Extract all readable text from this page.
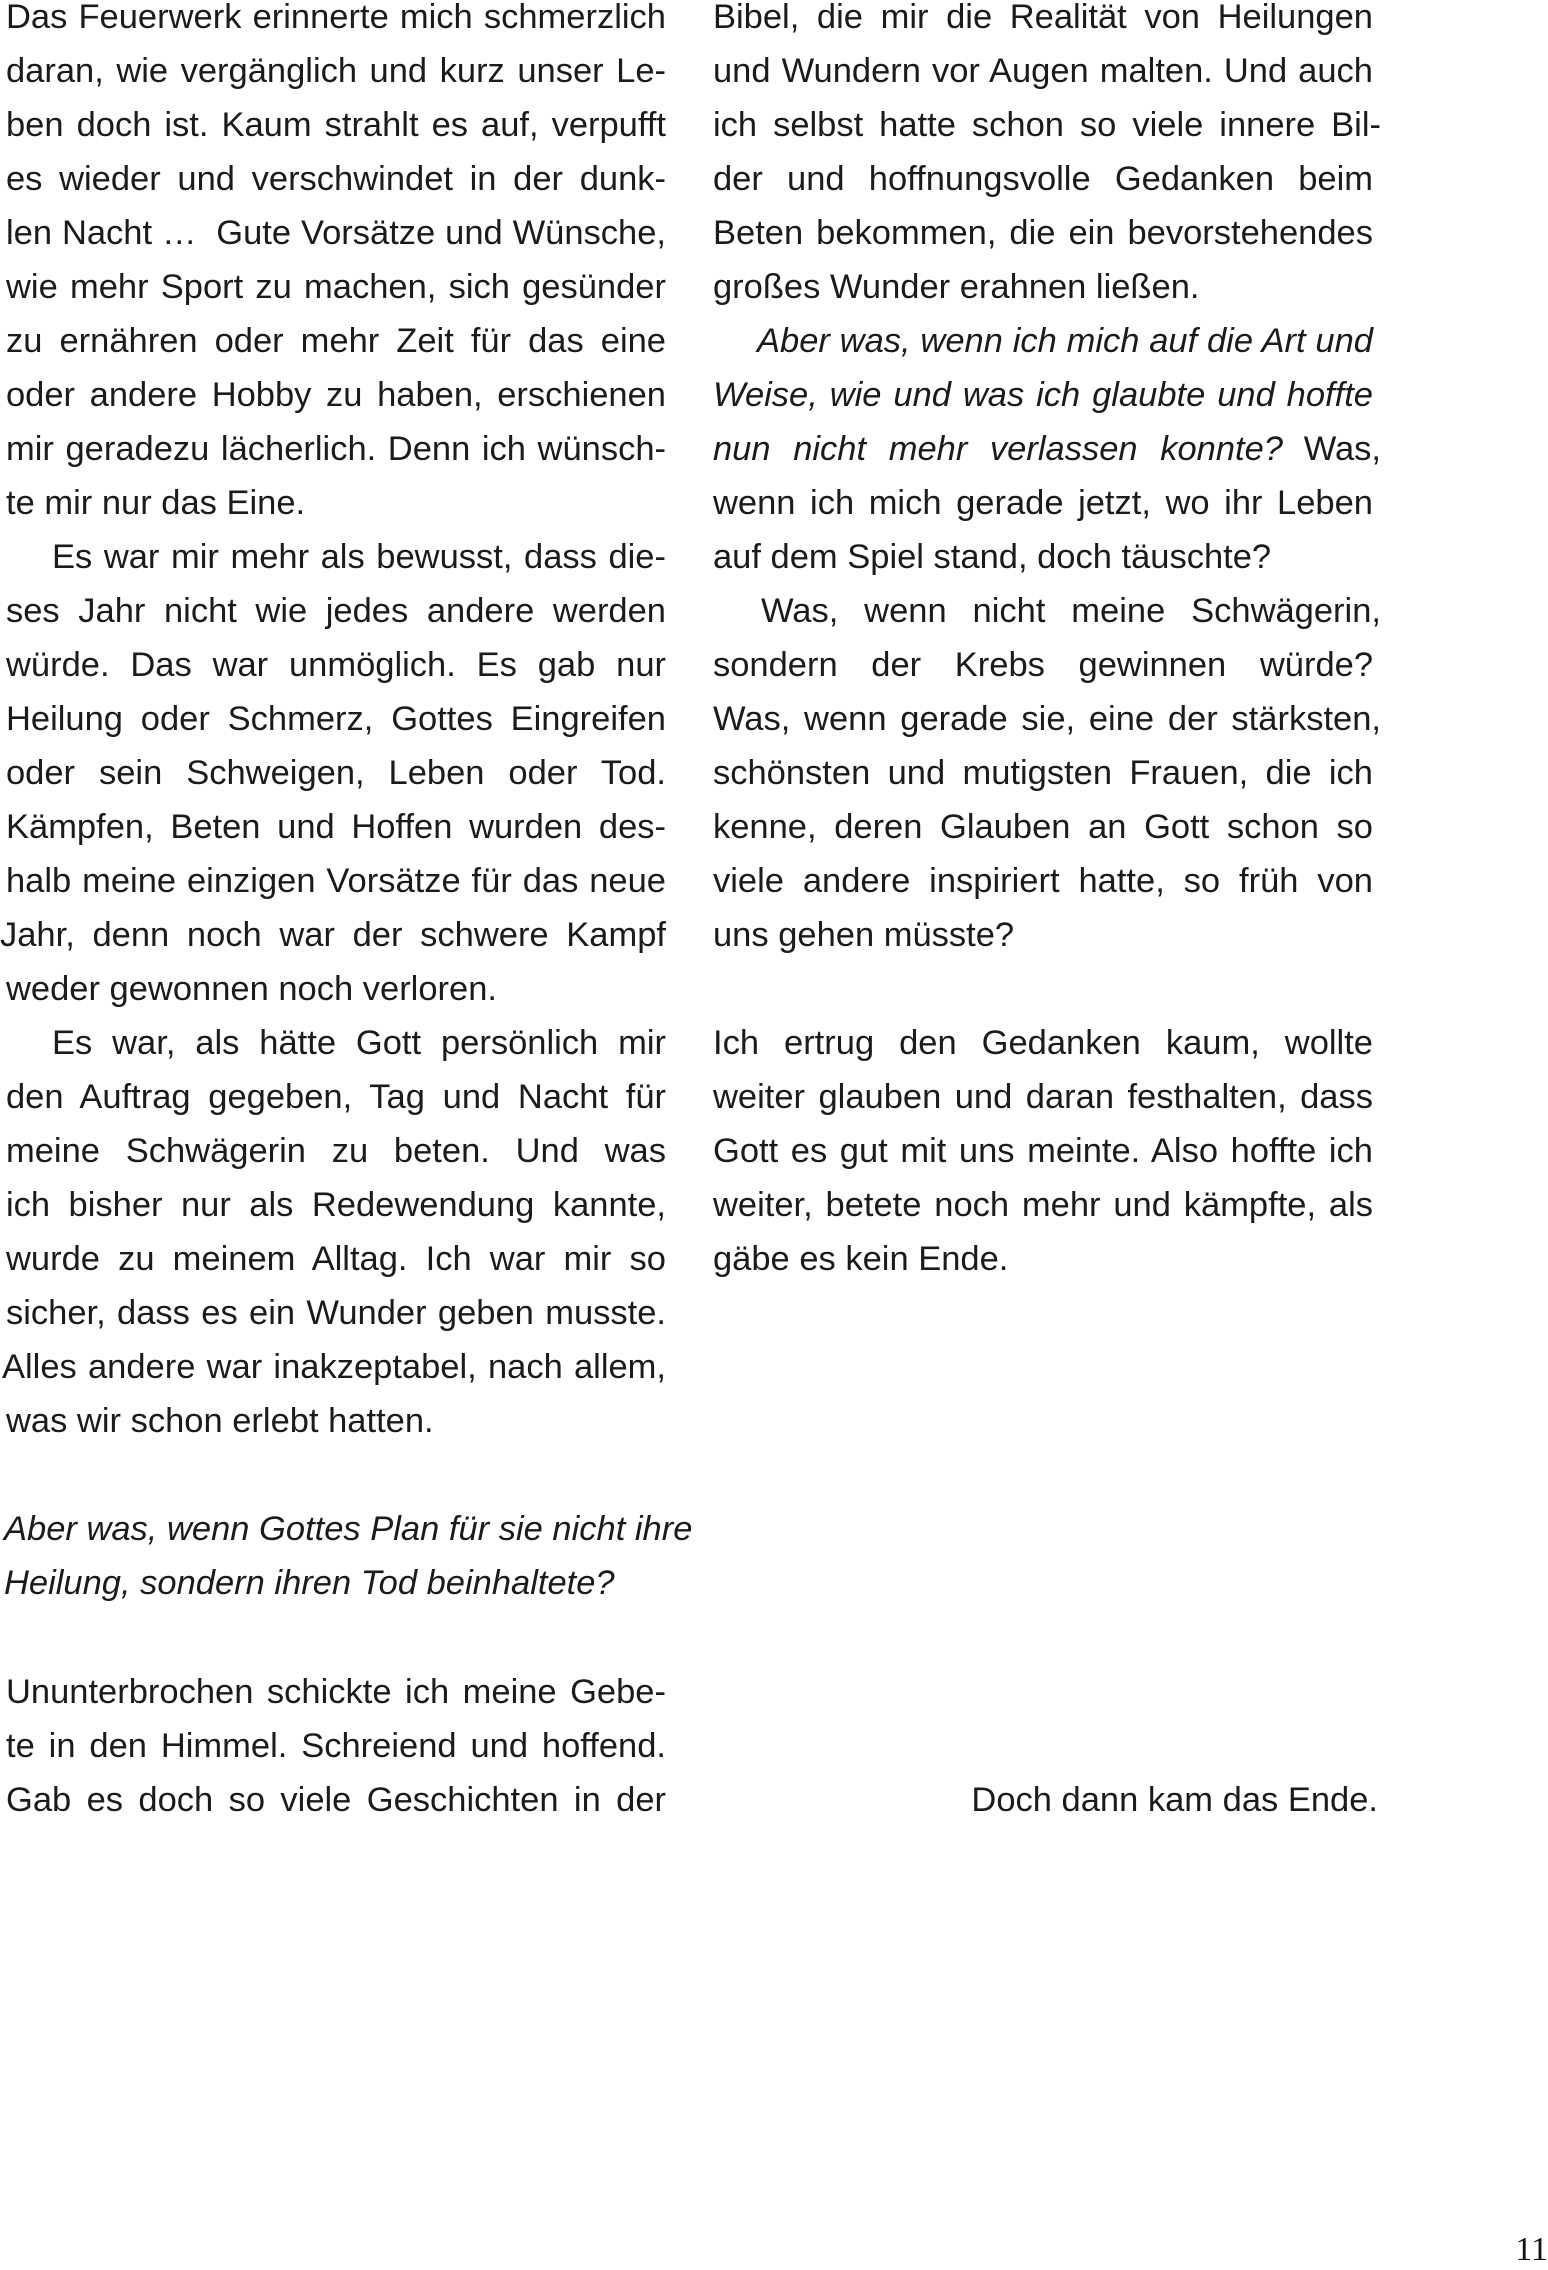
Das Feuerwerk erinnerte mich schmerzlich
daran, wie vergänglich und kurz unser Le-
ben doch ist. Kaum strahlt es auf, verpufft
es wieder und verschwindet in der dunk-
len Nacht …  Gute Vorsätze und Wünsche,
wie mehr Sport zu machen, sich gesünder
zu ernähren oder mehr Zeit für das eine
oder andere Hobby zu haben, erschienen
mir geradezu lächerlich. Denn ich wünsch-
te mir nur das Eine.
Es war mir mehr als bewusst, dass die-
ses Jahr nicht wie jedes andere werden
würde. Das war unmöglich. Es gab nur
Heilung oder Schmerz, Gottes Eingreifen
oder sein Schweigen, Leben oder Tod.
Kämpfen, Beten und Hoffen wurden des-
halb meine einzigen Vorsätze für das neue
Jahr, denn noch war der schwere Kampf
weder gewonnen noch verloren.
Es war, als hätte Gott persönlich mir
den Auftrag gegeben, Tag und Nacht für
meine Schwägerin zu beten. Und was
ich bisher nur als Redewendung kannte,
wurde zu meinem Alltag. Ich war mir so
sicher, dass es ein Wunder geben musste.
Alles andere war inakzeptabel, nach allem,
was wir schon erlebt hatten.
Aber was, wenn Gottes Plan für sie nicht ihre
Heilung, sondern ihren Tod beinhaltete?
Ununterbrochen schickte ich meine Gebe-
te in den Himmel. Schreiend und hoffend.
Gab es doch so viele Geschichten in der
Bibel, die mir die Realität von Heilungen
und Wundern vor Augen malten. Und auch
ich selbst hatte schon so viele innere Bil-
der und hoffnungsvolle Gedanken beim
Beten bekommen, die ein bevorstehendes
großes Wunder erahnen ließen.
Aber was, wenn ich mich auf die Art und
Weise, wie und was ich glaubte und hoffte
nun nicht mehr verlassen konnte? Was,
wenn ich mich gerade jetzt, wo ihr Leben
auf dem Spiel stand, doch täuschte?
Was, wenn nicht meine Schwägerin,
sondern der Krebs gewinnen würde?
Was, wenn gerade sie, eine der stärksten,
schönsten und mutigsten Frauen, die ich
kenne, deren Glauben an Gott schon so
viele andere inspiriert hatte, so früh von
uns gehen müsste?
Ich ertrug den Gedanken kaum, wollte
weiter glauben und daran festhalten, dass
Gott es gut mit uns meinte. Also hoffte ich
weiter, betete noch mehr und kämpfte, als
gäbe es kein Ende.
Doch dann kam das Ende.
11
